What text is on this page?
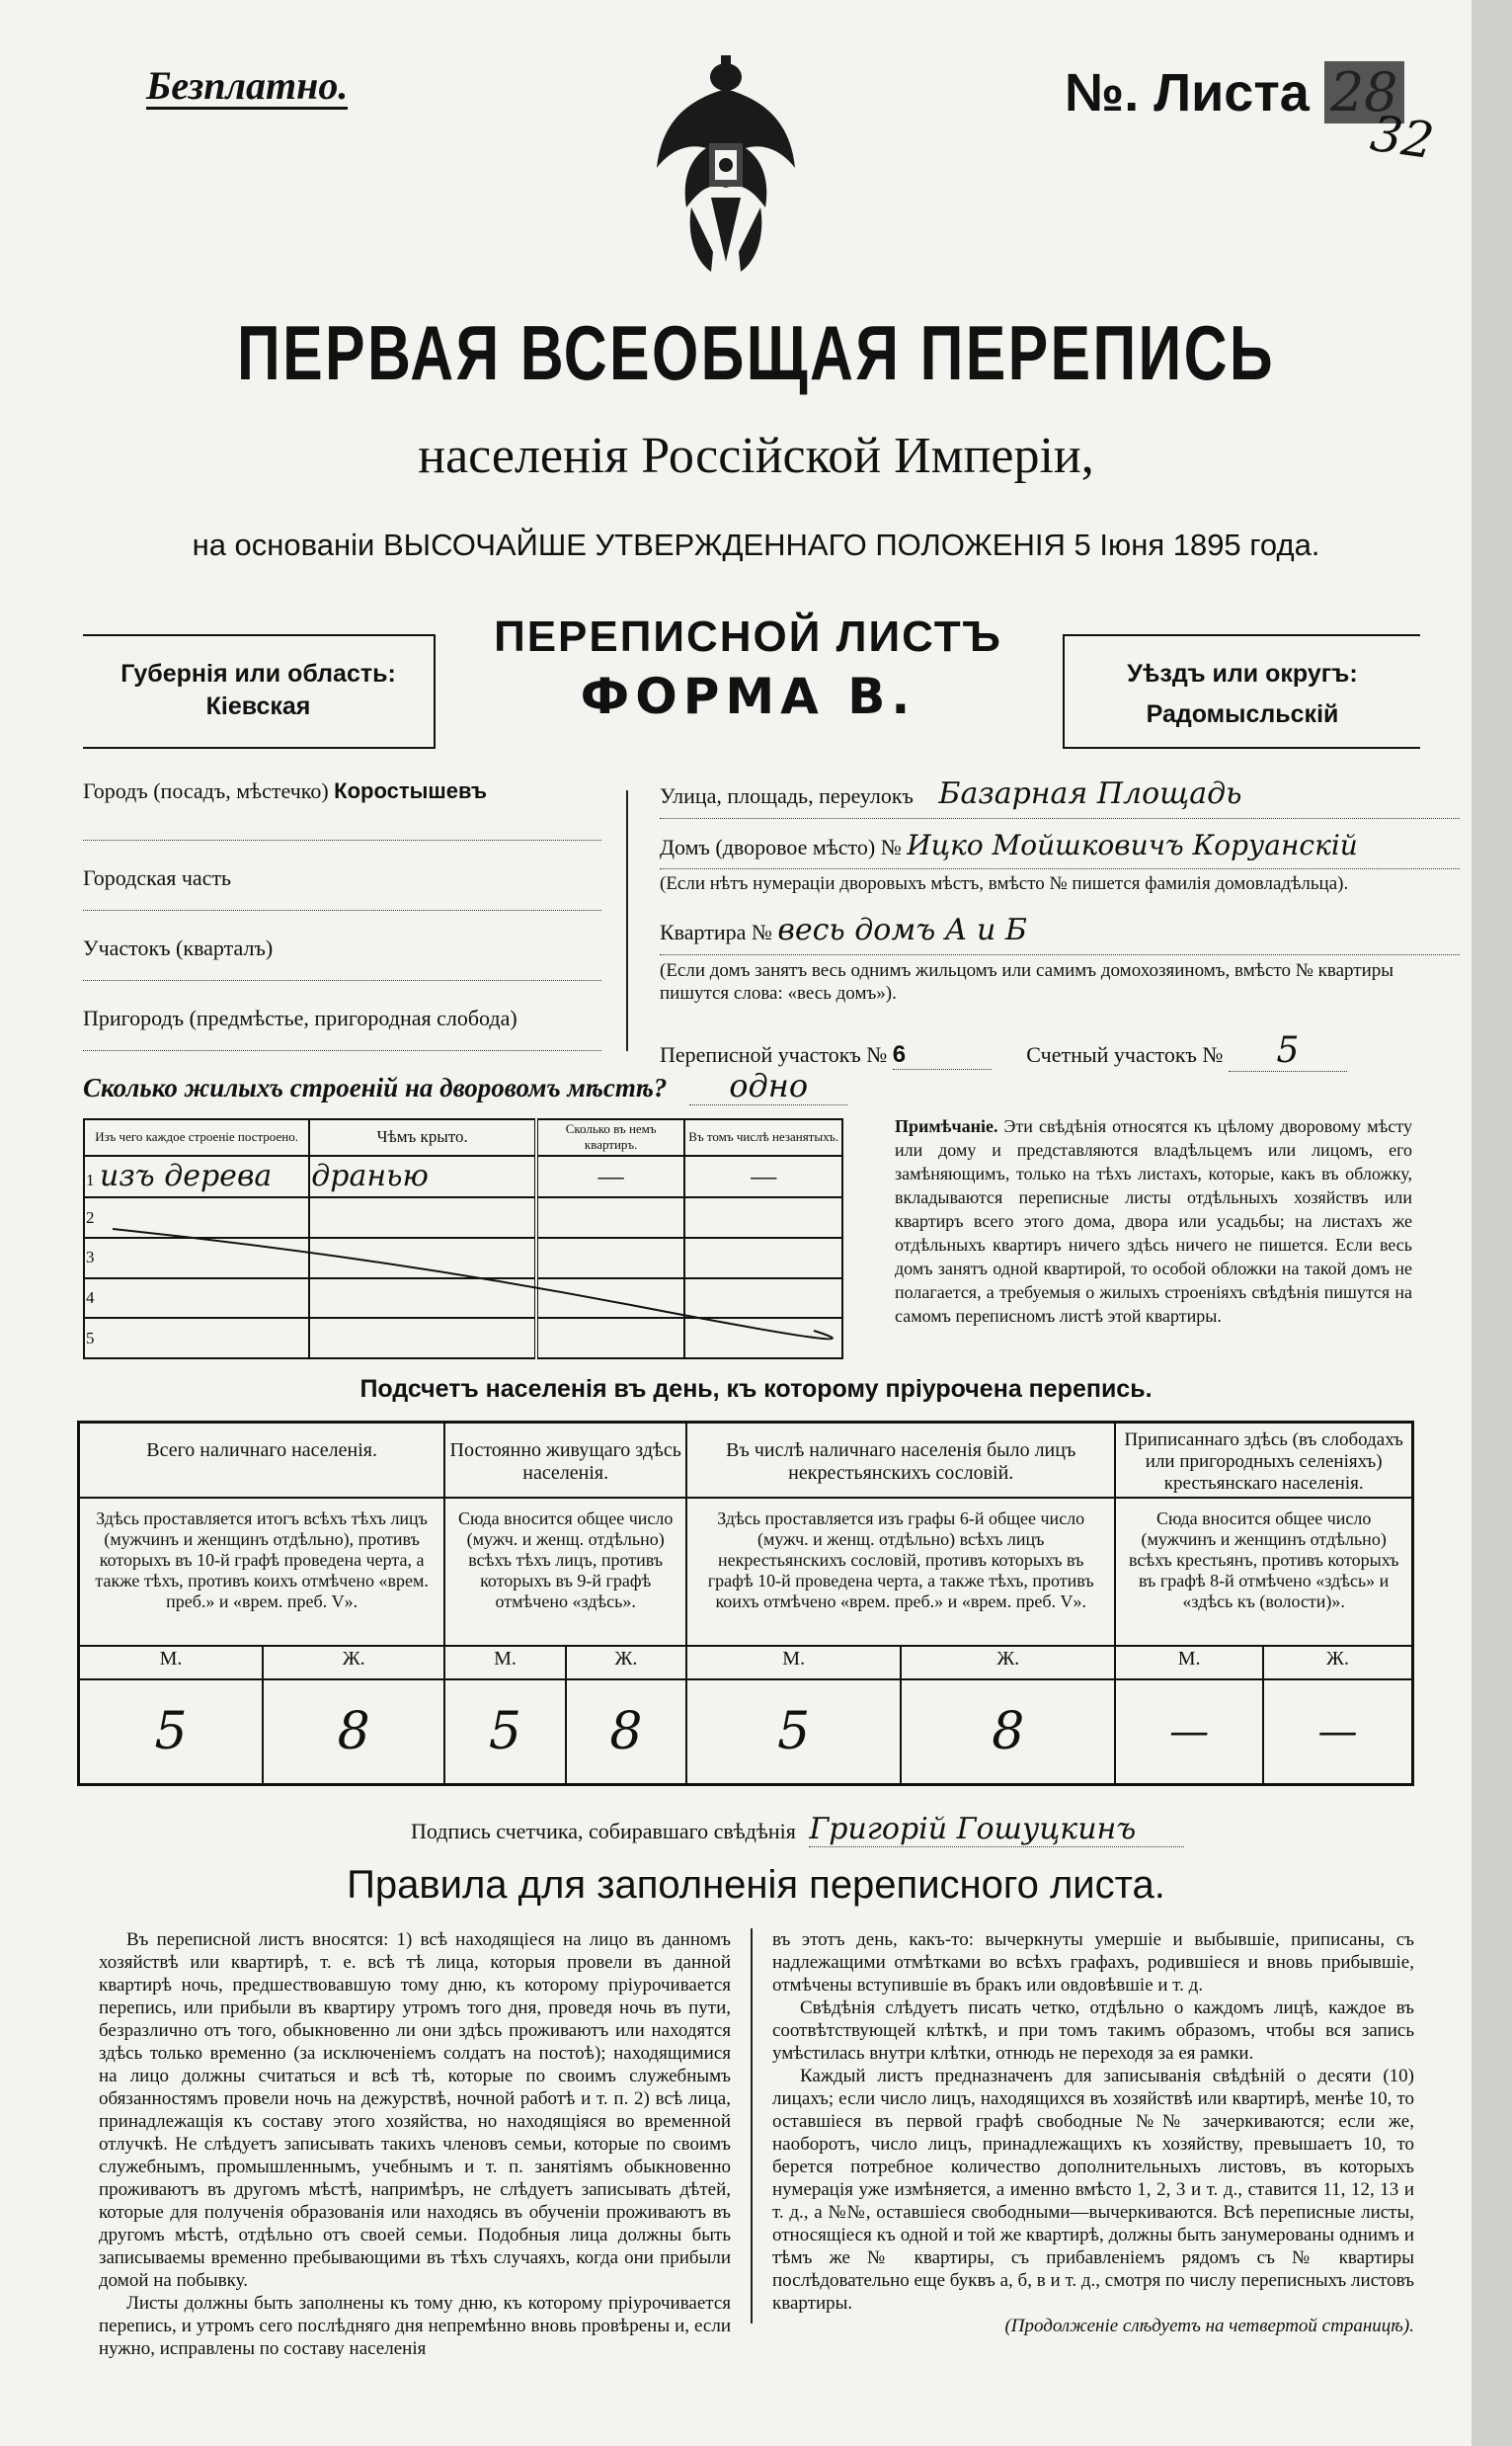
Безплатно.	№. Листа 28
32

ПЕРВАЯ ВСЕОБЩАЯ ПЕРЕПИСЬ
населенія Россійской Имперіи,
на основаніи ВЫСОЧАЙШЕ УТВЕРЖДЕННАГО ПОЛОЖЕНІЯ 5 Іюня 1895 года.
Губернія или область:
Кіевская
ПЕРЕПИСНОЙ ЛИСТЪ
ФОРМА В.	Уѣздъ или округъ:
Радомысльскій
Городъ (посадъ, мѣстечко) Коростышевъ
Городская часть
Участокъ (кварталъ)
Пригородъ (предмѣстье, пригородная слобода)
Улица, площадь, переулокъ Базарная Площадь
Домъ (дворовое мѣсто) № Ицко Мойшковичъ Коруанскій
(Если нѣтъ нумераціи дворовыхъ мѣстъ, вмѣсто № пишется фамилія домовладѣльца).
Квартира № весь домъ А и Б
(Если домъ занятъ весь однимъ жильцомъ или самимъ домохозяиномъ, вмѣсто № квартиры пишутся слова: «весь домъ»).
Переписной участокъ № 6	Счетный участокъ № 5
Сколько жилыхъ строеній на дворовомъ мѣстѣ? одно
Изъ чего каждое строеніе построено.	Чѣмъ крыто.	Сколько въ немъ квартиръ.	Въ томъ числѣ незанятыхъ.
1 изъ дерева	дранью	—	—
2			
3			
4			
5			
Примѣчаніе. Эти свѣдѣнія относятся къ цѣлому дворовому мѣсту или дому и представляются владѣльцемъ или лицомъ, его замѣняющимъ, только на тѣхъ листахъ, которые, какъ въ обложку, вкладываются переписные листы отдѣльныхъ хозяйствъ или квартиръ всего этого дома, двора или усадьбы; на листахъ же отдѣльныхъ квартиръ ничего здѣсь ничего не пишется. Если весь домъ занятъ одной квартирой, то особой обложки на такой домъ не полагается, а требуемыя о жилыхъ строеніяхъ свѣдѣнія пишутся на самомъ переписномъ листѣ этой квартиры.
Подсчетъ населенія въ день, къ которому пріурочена перепись.
Всего наличнаго населенія.		Постоянно живущаго здѣсь населенія.		Въ числѣ наличнаго населенія было лицъ некрестьянскихъ сословій.		Приписаннаго здѣсь (въ слободахъ или пригородныхъ селеніяхъ) крестьянскаго населенія.	
Здѣсь проставляется итогъ всѣхъ тѣхъ лицъ (мужчинъ и женщинъ отдѣльно), противъ которыхъ въ 10-й графѣ проведена черта, а также тѣхъ, противъ коихъ отмѣчено «врем. преб.» и «врем. преб. V».		Сюда вносится общее число (мужч. и женщ. отдѣльно) всѣхъ тѣхъ лицъ, противъ которыхъ въ 9-й графѣ отмѣчено «здѣсь».		Здѣсь проставляется изъ графы 6-й общее число (мужч. и женщ. отдѣльно) всѣхъ лицъ некрестьянскихъ сословій, противъ которыхъ въ графѣ 10-й проведена черта, а также тѣхъ, противъ коихъ отмѣчено «врем. преб.» и «врем. преб. V».		Сюда вносится общее число (мужчинъ и женщинъ отдѣльно) всѣхъ крестьянъ, противъ которыхъ въ графѣ 8-й отмѣчено «здѣсь» и «здѣсь къ (волости)».	
М.	Ж.	М.	Ж.	М.	Ж.	М.	Ж.
5	8	5	8	5	8	—	—
Подпись счетчика, собиравшаго свѣдѣнія Григорій Гошуцкинъ
Правила для заполненія переписного листа.

Въ переписной листъ вносятся: 1) всѣ находящіеся на лицо въ данномъ хозяйствѣ или квартирѣ, т. е. всѣ тѣ лица, которыя провели въ данной квартирѣ ночь, предшествовавшую тому дню, къ которому пріурочивается перепись, или прибыли въ квартиру утромъ того дня, проведя ночь въ пути, безразлично отъ того, обыкновенно ли они здѣсь проживаютъ или находятся здѣсь только временно (за исключеніемъ солдатъ на постоѣ); находящимися на лицо должны считаться и всѣ тѣ, которые по своимъ служебнымъ обязанностямъ провели ночь на дежурствѣ, ночной работѣ и т. п. 2) всѣ лица, принадлежащія къ составу этого хозяйства, но находящіяся во временной отлучкѣ. Не слѣдуетъ записывать такихъ членовъ семьи, которые по своимъ служебнымъ, промышленнымъ, учебнымъ и т. п. занятіямъ обыкновенно проживаютъ въ другомъ мѣстѣ, напримѣръ, не слѣдуетъ записывать дѣтей, которые для полученія образованія или находясь въ обученіи проживаютъ въ другомъ мѣстѣ, отдѣльно отъ своей семьи. Подобныя лица должны быть записываемы временно пребывающими въ тѣхъ случаяхъ, когда они прибыли домой на побывку.

Листы должны быть заполнены къ тому дню, къ которому пріурочивается перепись, и утромъ сего послѣдняго дня непремѣнно вновь провѣрены и, если нужно, исправлены по составу населенія

въ этотъ день, какъ-то: вычеркнуты умершіе и выбывшіе, приписаны, съ надлежащими отмѣтками во всѣхъ графахъ, родившіеся и вновь прибывшіе, отмѣчены вступившіе въ бракъ или овдовѣвшіе и т. д.

Свѣдѣнія слѣдуетъ писать четко, отдѣльно о каждомъ лицѣ, каждое въ соотвѣтствующей клѣткѣ, и при томъ такимъ образомъ, чтобы вся запись умѣстилась внутри клѣтки, отнюдь не переходя за ея рамки.

Каждый листъ предназначенъ для записыванія свѣдѣній о десяти (10) лицахъ; если число лицъ, находящихся въ хозяйствѣ или квартирѣ, менѣе 10, то оставшіеся въ первой графѣ свободные №№ зачеркиваются; если же, наоборотъ, число лицъ, принадлежащихъ къ хозяйству, превышаетъ 10, то берется потребное количество дополнительныхъ листовъ, въ которыхъ нумерація уже измѣняется, а именно вмѣсто 1, 2, 3 и т. д., ставится 11, 12, 13 и т. д., а №№, оставшіеся свободными—вычеркиваются. Всѣ переписные листы, относящіеся къ одной и той же квартирѣ, должны быть занумерованы однимъ и тѣмъ же № квартиры, съ прибавленіемъ рядомъ съ № квартиры послѣдовательно еще буквъ а, б, в и т. д., смотря по числу переписныхъ листовъ квартиры.

(Продолженіе слѣдуетъ на четвертой страницѣ).
